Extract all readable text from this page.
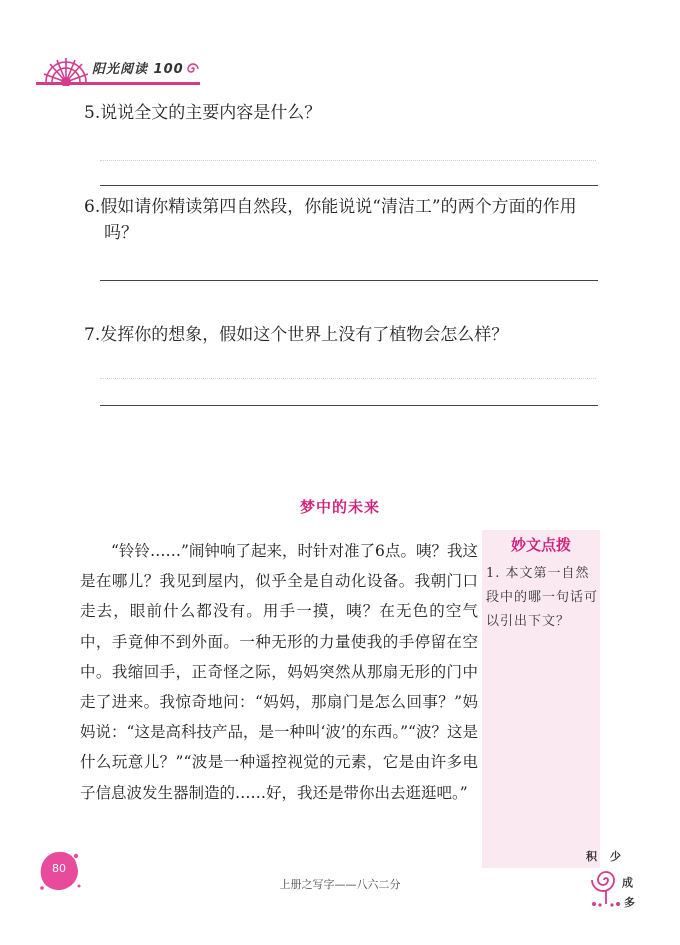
阳光阅读 100
5.说说全文的主要内容是什么？
6.假如请你精读第四自然段，你能说说“清洁工”的两个方面的作用
吗？
7.发挥你的想象，假如这个世界上没有了植物会怎么样？
梦中的未来

“铃铃……”闹钟响了起来，时针对准了6点。咦？我这是在哪儿？我见到屋内，似乎全是自动化设备。我朝门口走去，眼前什么都没有。用手一摸，咦？在无色的空气中，手竟伸不到外面。一种无形的力量使我的手停留在空中。我缩回手，正奇怪之际，妈妈突然从那扇无形的门中走了进来。我惊奇地问：“妈妈，那扇门是怎么回事？”妈妈说：“这是高科技产品，是一种叫‘波’的东西。”“波？这是什么玩意儿？”“波是一种遥控视觉的元素，它是由许多电子信息波发生器制造的……好，我还是带你出去逛逛吧。”

妙文点拨
1. 本文第一自然段中的哪一句话可以引出下文？
80
上册之写字——八六二分
积 少
成
多
